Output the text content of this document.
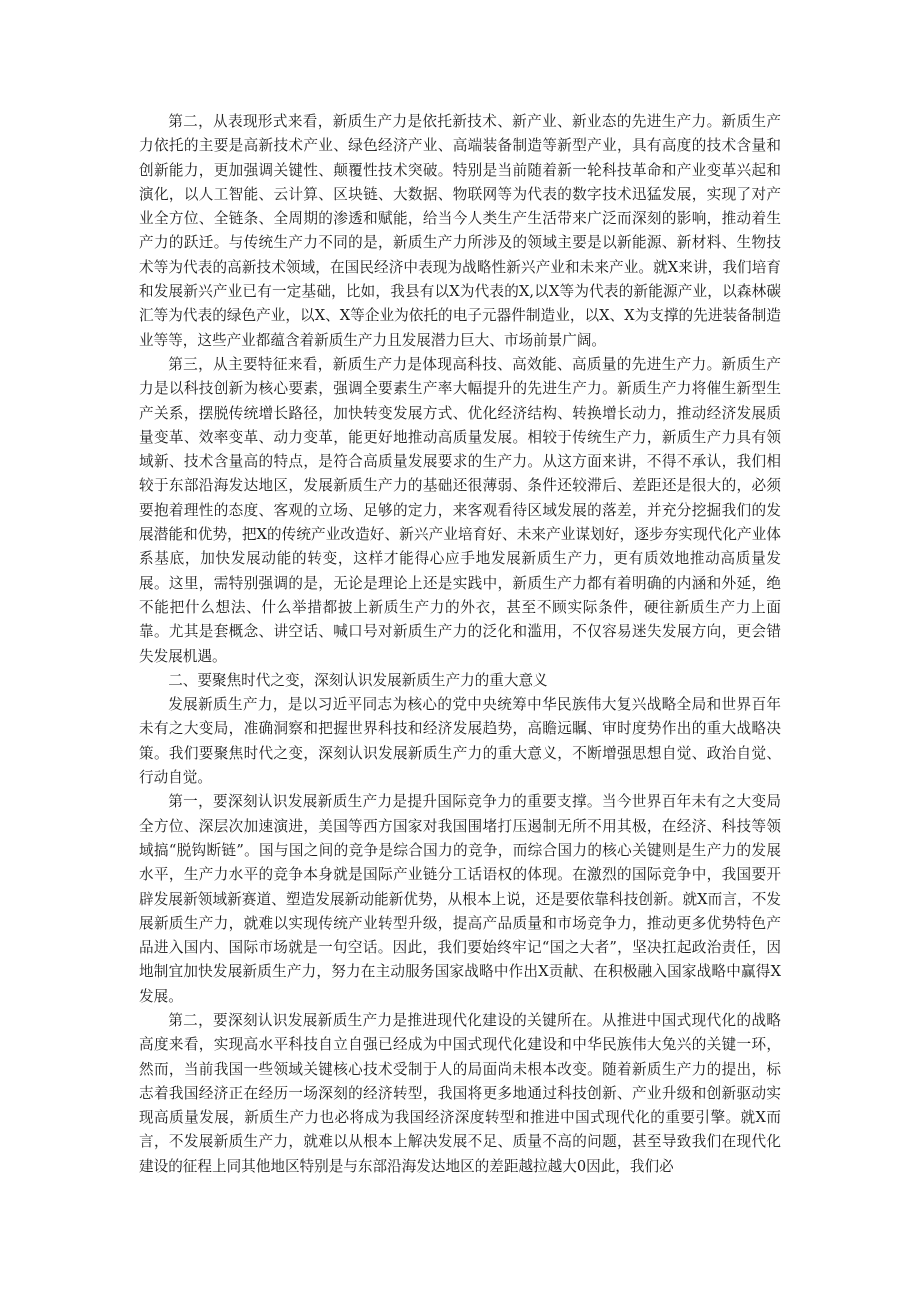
第二，从表现形式来看，新质生产力是依托新技术、新产业、新业态的先进生产力。新质生产力依托的主要是高新技术产业、绿色经济产业、高端装备制造等新型产业，具有高度的技术含量和创新能力，更加强调关键性、颠覆性技术突破。特别是当前随着新一轮科技革命和产业变革兴起和演化，以人工智能、云计算、区块链、大数据、物联网等为代表的数字技术迅猛发展，实现了对产业全方位、全链条、全周期的渗透和赋能，给当今人类生产生活带来广泛而深刻的影响，推动着生产力的跃迁。与传统生产力不同的是，新质生产力所涉及的领域主要是以新能源、新材料、生物技术等为代表的高新技术领域，在国民经济中表现为战略性新兴产业和未来产业。就X来讲，我们培育和发展新兴产业已有一定基础，比如，我县有以X为代表的X,以X等为代表的新能源产业，以森林碳汇等为代表的绿色产业，以X、X等企业为依托的电子元器件制造业，以X、X为支撑的先进装备制造业等等，这些产业都蕴含着新质生产力且发展潜力巨大、市场前景广阔。

第三，从主要特征来看，新质生产力是体现高科技、高效能、高质量的先进生产力。新质生产力是以科技创新为核心要素，强调全要素生产率大幅提升的先进生产力。新质生产力将催生新型生产关系，摆脱传统增长路径，加快转变发展方式、优化经济结构、转换增长动力，推动经济发展质量变革、效率变革、动力变革，能更好地推动高质量发展。相较于传统生产力，新质生产力具有领域新、技术含量高的特点，是符合高质量发展要求的生产力。从这方面来讲，不得不承认，我们相较于东部沿海发达地区，发展新质生产力的基础还很薄弱、条件还较滞后、差距还是很大的，必须要抱着理性的态度、客观的立场、足够的定力，来客观看待区域发展的落差，并充分挖掘我们的发展潜能和优势，把X的传统产业改造好、新兴产业培育好、未来产业谋划好，逐步夯实现代化产业体系基底，加快发展动能的转变，这样才能得心应手地发展新质生产力，更有质效地推动高质量发展。这里，需特别强调的是，无论是理论上还是实践中，新质生产力都有着明确的内涵和外延，绝不能把什么想法、什么举措都披上新质生产力的外衣，甚至不顾实际条件，硬往新质生产力上面靠。尤其是套概念、讲空话、喊口号对新质生产力的泛化和滥用，不仅容易迷失发展方向，更会错失发展机遇。

二、要聚焦时代之变，深刻认识发展新质生产力的重大意义

发展新质生产力，是以习近平同志为核心的党中央统筹中华民族伟大复兴战略全局和世界百年未有之大变局，准确洞察和把握世界科技和经济发展趋势，高瞻远瞩、审时度势作出的重大战略决策。我们要聚焦时代之变，深刻认识发展新质生产力的重大意义，不断增强思想自觉、政治自觉、行动自觉。

第一，要深刻认识发展新质生产力是提升国际竞争力的重要支撑。当今世界百年未有之大变局全方位、深层次加速演进，美国等西方国家对我国围堵打压遏制无所不用其极，在经济、科技等领域搞“脱钩断链”。国与国之间的竞争是综合国力的竞争，而综合国力的核心关键则是生产力的发展水平，生产力水平的竞争本身就是国际产业链分工话语权的体现。在激烈的国际竞争中，我国要开辟发展新领域新赛道、塑造发展新动能新优势，从根本上说，还是要依靠科技创新。就X而言，不发展新质生产力，就难以实现传统产业转型升级，提高产品质量和市场竞争力，推动更多优势特色产品进入国内、国际市场就是一句空话。因此，我们要始终牢记“国之大者”，坚决扛起政治责任，因地制宜加快发展新质生产力，努力在主动服务国家战略中作出X贡献、在积极融入国家战略中赢得X发展。

第二，要深刻认识发展新质生产力是推进现代化建设的关键所在。从推进中国式现代化的战略高度来看，实现高水平科技自立自强已经成为中国式现代化建设和中华民族伟大兔兴的关键一环，然而，当前我国一些领域关键核心技术受制于人的局面尚未根本改变。随着新质生产力的提出，标志着我国经济正在经历一场深刻的经济转型，我国将更多地通过科技创新、产业升级和创新驱动实现高质量发展，新质生产力也必将成为我国经济深度转型和推进中国式现代化的重要引擎。就X而言，不发展新质生产力，就难以从根本上解决发展不足、质量不高的问题，甚至导致我们在现代化建设的征程上同其他地区特别是与东部沿海发达地区的差距越拉越大0因此，我们必
